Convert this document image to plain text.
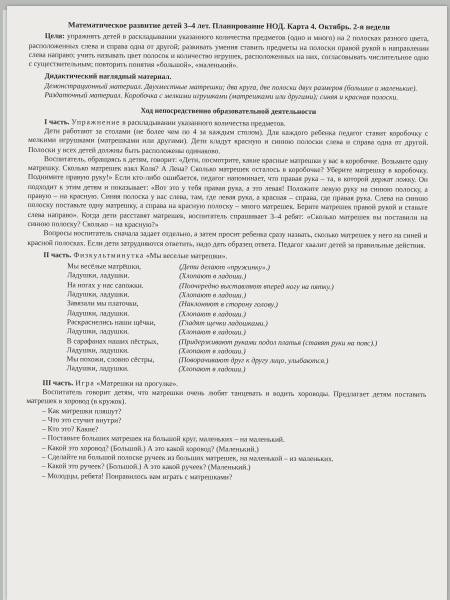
Математическое развитие детей 3–4 лет. Планирование НОД. Карта 4. Октябрь. 2-я недели

Цели: упражнять детей в раскладывании указанного количества предметов (одно и много) на 2 полосках разного цвета, расположенных слева и справа одна от другой; развивать умения ставить предметы на полоски правой рукой в направлении слева направо; учить называть цвет полосок и количество игрушек, расположенных на них, согласовывать числительное одно с существительным; повторить понятия «большой», «маленький».

Дидактический наглядный материал.

Демонстрационный материал. Двухместные матрешки; два круга, две полоски двух размеров (большие и маленькие).

Раздаточный материал. Коробочка с мелкими игрушками (матрешками или другими); синяя и красная полоски.

Ход непосредственно образовательной деятельности

I часть. Упражнение в раскладывании указанного количества предметов.

Дети работают за столами (не более чем по 4 за каждым столом). Для каждого ребенка педагог ставит коробочку с мелкими игрушками (матрешками или другими). Дети кладут красную и синюю полоски слева и справа одна от другой. Полоски у всех детей должны быть расположены одинаково.

Воспитатель, обращаясь к детям, говорит: «Дети, посмотрите, какие красные матрешки у вас в коробочке. Возьмите одну матрешку. Сколько матрешек взял Коля? А Лена? Сколько матрешек осталось в коробочке? Уберите матрешку в коробочку. Поднимите правую руку!» Если кто-либо ошибается, педагог напоминает, что правая рука – та, в которой держат ложку. Он подходит к этим детям и показывает: «Вот это у тебя правая рука, а это левая! Положите левую руку на синюю полоску, а правую – на красную. Синяя полоска у вас слева, там, где левая рука, а красная – справа, где правая рука. Слева на синюю полоску поставьте одну матрешку, а справа на красную полоску – много матрешек. Берите матрешек правой рукой и ставьте слева направо». Когда дети расставят матрешек, воспитатель спрашивает 3–4 ребят: «Сколько матрешек вы поставили на синюю полоску? Сколько – на красную?»

Вопросы воспитатель сначала задает отдельно, а затем просит ребенка сразу назвать, сколько матрешек у него на синей и красной полосках. Если дети затрудняются ответить, надо дать образец ответа. Педагог хвалит детей за правильные действия.

II часть. Физкультминутка «Мы веселые матрешки».

Мы весёлые матрёшки,	(Дети делают «пружинку».)
Ладушки, ладушки.	(Хлопают в ладоши.)
На ногах у нас сапожки.	(Поочередно выставляют вперед ногу на пятку.)
Ладушки, ладушки.	(Хлопают в ладоши.)
Завязали мы платочки,	(Наклоняют в сторону голову.)
Ладушки, ладушки.	(Хлопают в ладоши.)
Раскраснелись наши щёчки,	(Гладят щечки ладошками.)
Ладушки, ладушки.	(Хлопают в ладоши.)
В сарафанах наших пёстрых,	(Придерживают руками подол платья (ставят руки на пояс).)
Ладушки, ладушки.	(Хлопают в ладоши.)
Мы похожи, словно сёстры,	(Поворачивают друг к другу лицо, улыбаются.)
Ладушки, ладушки.	(Хлопают в ладоши.)

III часть. Игра «Матрешки на прогулке».

Воспитатель говорит детям, что матрешки очень любят танцевать и водить хороводы. Предлагает детям поставить матрешек в хоровод (в кружок).

– Как матрешки пляшут?

– Что это стучит внутри?

– Кто это? Какие?

– Поставьте больших матрешек на большой круг, маленьких – на маленький.

– Какой это хоровод? (Большой.) А это какой хоровод? (Маленький.)

– Сделайте на большой полоске ручеек из больших матрешек, на маленькой – из маленьких.

– Какой это ручеек? (Большой.) А это какой ручеек? (Маленький.)

– Молодцы, ребята! Понравилось вам играть с матрешками?
